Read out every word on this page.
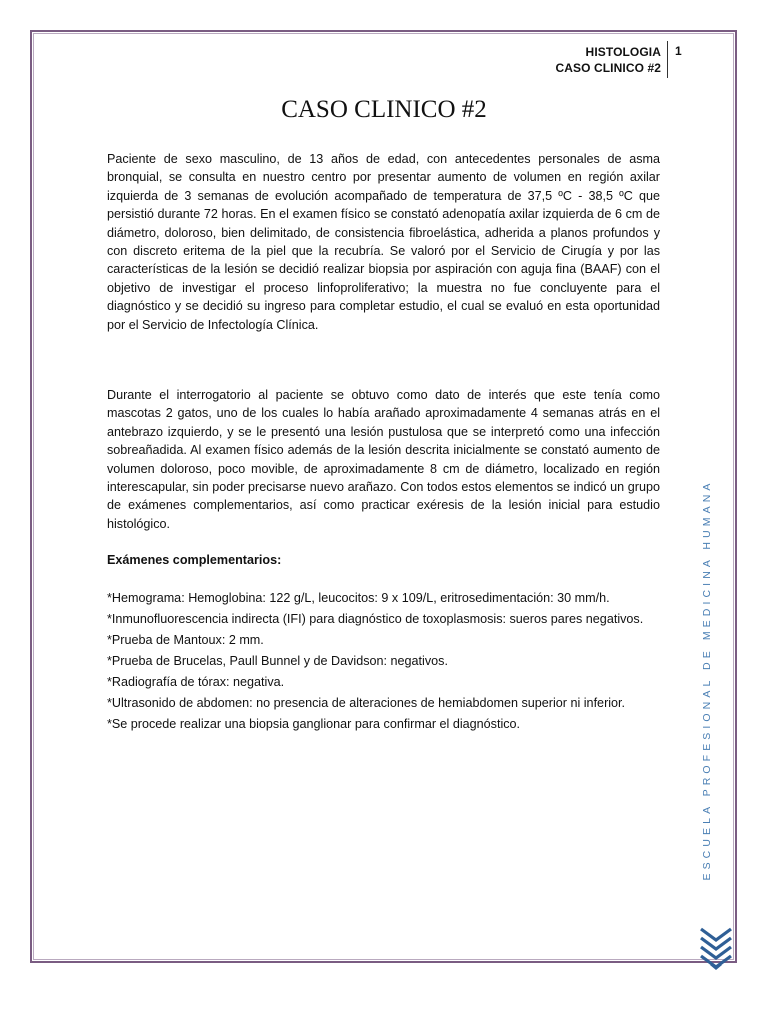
HISTOLOGIA
CASO CLINICO #2
1
CASO CLINICO #2

Paciente de sexo masculino, de 13 años de edad, con antecedentes personales de asma bronquial, se consulta en nuestro centro por presentar aumento de volumen en región axilar izquierda de 3 semanas de evolución acompañado de temperatura de 37,5 ºC - 38,5 ºC que persistió durante 72 horas. En el examen físico se constató adenopatía axilar izquierda de 6 cm de diámetro, doloroso, bien delimitado, de consistencia fibroelástica, adherida a planos profundos y con discreto eritema de la piel que la recubría. Se valoró por el Servicio de Cirugía y por las características de la lesión se decidió realizar biopsia por aspiración con aguja fina (BAAF) con el objetivo de investigar el proceso linfoproliferativo; la muestra no fue concluyente para el diagnóstico y se decidió su ingreso para completar estudio, el cual se evaluó en esta oportunidad por el Servicio de Infectología Clínica.

Durante el interrogatorio al paciente se obtuvo como dato de interés que este tenía como mascotas 2 gatos, uno de los cuales lo había arañado aproximadamente 4 semanas atrás en el antebrazo izquierdo, y se le presentó una lesión pustulosa que se interpretó como una infección sobreañadida. Al examen físico además de la lesión descrita inicialmente se constató aumento de volumen doloroso, poco movible, de aproximadamente 8 cm de diámetro, localizado en región interescapular, sin poder precisarse nuevo arañazo. Con todos estos elementos se indicó un grupo de exámenes complementarios, así como practicar exéresis de la lesión inicial para estudio histológico.

Exámenes complementarios:

*Hemograma: Hemoglobina: 122 g/L, leucocitos: 9 x 109/L, eritrosedimentación: 30 mm/h.

*Inmunofluorescencia indirecta (IFI) para diagnóstico de toxoplasmosis: sueros pares negativos.

*Prueba de Mantoux: 2 mm.

*Prueba de Brucelas, Paull Bunnel y de Davidson: negativos.

*Radiografía de tórax: negativa.

*Ultrasonido de abdomen: no presencia de alteraciones de hemiabdomen superior ni inferior.

*Se procede realizar una biopsia ganglionar para confirmar el diagnóstico.	ESCUELA PROFESIONAL DE MEDICINA HUMANA
